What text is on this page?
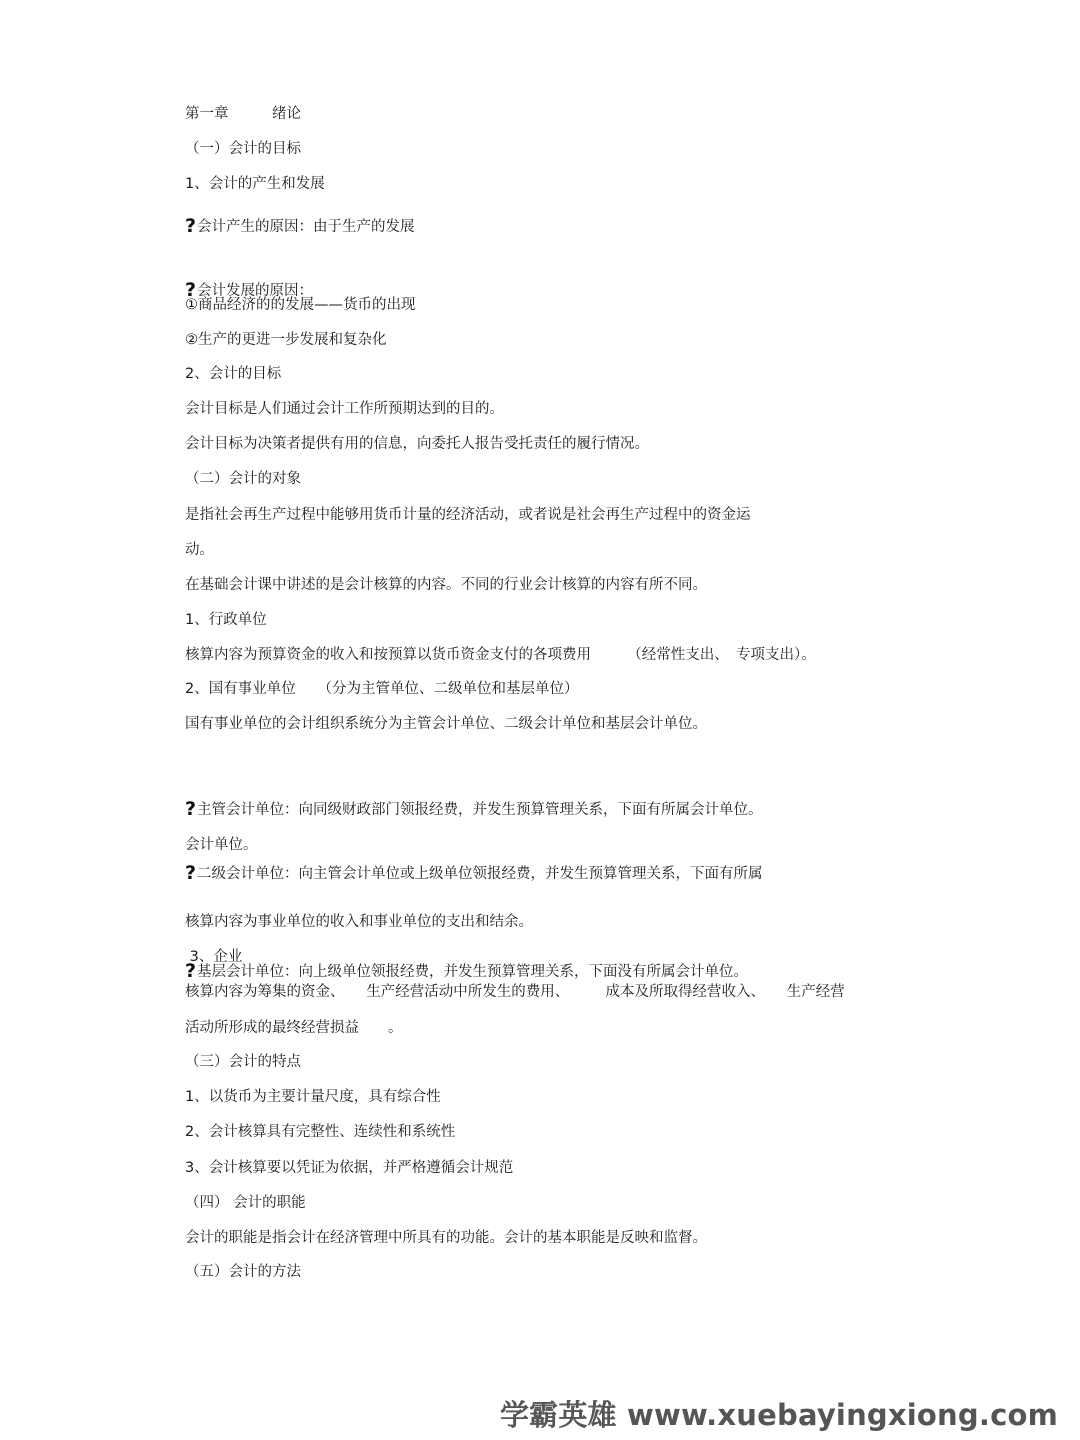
第一章　　　绪论
（一）会计的目标
1、会计的产生和发展
?会计产生的原因：由于生产的发展
?会计发展的原因：
①商品经济的的发展——货币的出现
②生产的更进一步发展和复杂化
2、会计的目标
会计目标是人们通过会计工作所预期达到的目的。
会计目标为决策者提供有用的信息，向委托人报告受托责任的履行情况。
（二）会计的对象
是指社会再生产过程中能够用货币计量的经济活动，或者说是社会再生产过程中的资金运
动。
在基础会计课中讲述的是会计核算的内容。不同的行业会计核算的内容有所不同。
1、行政单位
核算内容为预算资金的收入和按预算以货币资金支付的各项费用　　　（经常性支出、　专项支出）。
2、国有事业单位　　（分为主管单位、二级单位和基层单位）
国有事业单位的会计组织系统分为主管会计单位、二级会计单位和基层会计单位。
?主管会计单位：向同级财政部门领报经费，并发生预算管理关系，下面有所属会计单位。
?二级会计单位：向主管会计单位或上级单位领报经费，并发生预算管理关系，下面有所属
会计单位。
?基层会计单位：向上级单位领报经费，并发生预算管理关系，下面没有所属会计单位。
核算内容为事业单位的收入和事业单位的支出和结余。
3、企业
核算内容为筹集的资金、　　生产经营活动中所发生的费用、　　　成本及所取得经营收入、　　生产经营
活动所形成的最终经营损益　　。
（三）会计的特点
1、以货币为主要计量尺度，具有综合性
2、会计核算具有完整性、连续性和系统性
3、会计核算要以凭证为依据，并严格遵循会计规范
（四） 会计的职能
会计的职能是指会计在经济管理中所具有的功能。会计的基本职能是反映和监督。
（五）会计的方法
学霸英雄 www.xuebayingxiong.com
